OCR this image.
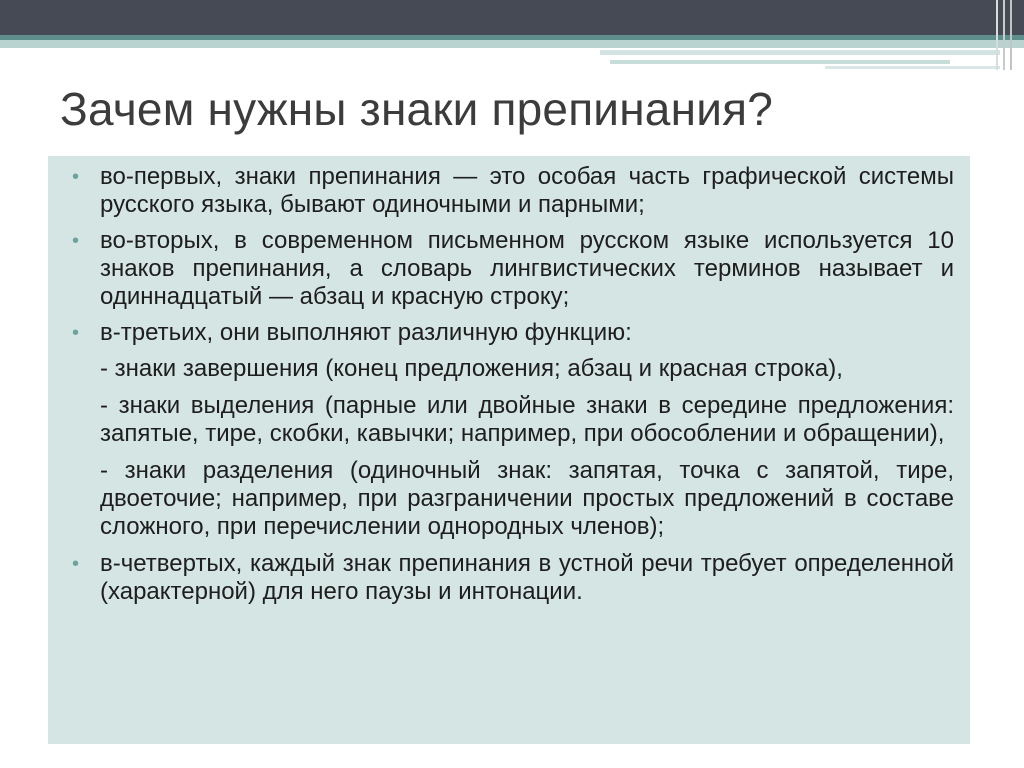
Зачем нужны знаки препинания?
• во-первых, знаки препинания — это особая часть графической системы русского языка, бывают одиночными и парными;
• во-вторых, в современном письменном русском языке используется 10 знаков препинания, а словарь лингвистических терминов называет и одиннадцатый — абзац и красную строку;
• в-третьих, они выполняют различную функцию:
- знаки завершения (конец предложения; абзац и красная строка),
- знаки выделения (парные или двойные знаки в середине предложения: запятые, тире, скобки, кавычки; например, при обособлении и обращении),
- знаки разделения (одиночный знак: запятая, точка с запятой, тире, двоеточие; например, при разграничении простых предложений в составе сложного, при перечислении однородных членов);
• в-четвертых, каждый знак препинания в устной речи требует определенной (характерной) для него паузы и интонации.
